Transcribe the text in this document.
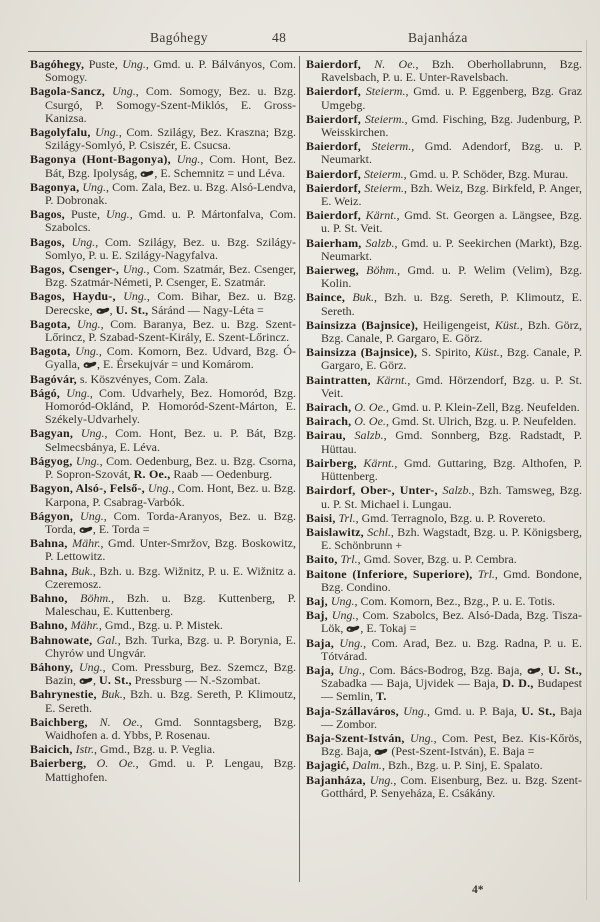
Bagóhegy	48	Bajanháza

Bagóhegy, Puste, Ung., Gmd. u. P. Bálványos, Com. Somogy.

Bagola-Sancz, Ung., Com. Somogy, Bez. u. Bzg. Csurgó, P. Somogy-Szent-Miklós, E. Gross-Kanizsa.

Bagolyfalu, Ung., Com. Szilágy, Bez. Kraszna; Bzg. Szilágy-Somlyó, P. Csiszér, E. Csucsa.

Bagonya (Hont-Bagonya), Ung., Com. Hont, Bez. Bát, Bzg. Ipolyság,
, E. Schemnitz = und Léva.

Bagonya, Ung., Com. Zala, Bez. u. Bzg. Alsó-Lendva, P. Dobronak.

Bagos, Puste, Ung., Gmd. u. P. Mártonfalva, Com. Szabolcs.

Bagos, Ung., Com. Szilágy, Bez. u. Bzg. Szilágy-Somlyo, P. u. E. Szilágy-Nagyfalva.

Bagos, Csenger-, Ung., Com. Szatmár, Bez. Csenger, Bzg. Szatmár-Németi, P. Csenger, E. Szatmár.

Bagos, Haydu-, Ung., Com. Bihar, Bez. u. Bzg. Derecske,
, U. St., Sáránd — Nagy-Léta =

Bagota, Ung., Com. Baranya, Bez. u. Bzg. Szent-Lőrincz, P. Szabad-Szent-Király, E. Szent-Lőrincz.

Bagota, Ung., Com. Komorn, Bez. Udvard, Bzg. Ó-Gyalla,
, E. Érsekujvár = und Komárom.

Bagóvár, s. Köszvényes, Com. Zala.

Bágó, Ung., Com. Udvarhely, Bez. Homoród, Bzg. Homoród-Oklánd, P. Homoród-Szent-Márton, E. Székely-Udvarhely.

Bagyan, Ung., Com. Hont, Bez. u. P. Bát, Bzg. Selmecsbánya, E. Léva.

Bágyog, Ung., Com. Oedenburg, Bez. u. Bzg. Csorna, P. Sopron-Szovát, R. Oe., Raab — Oedenburg.

Bagyon, Alsó-, Felső-, Ung., Com. Hont, Bez. u. Bzg. Karpona, P. Csabrag-Varbók.

Bágyon, Ung., Com. Torda-Aranyos, Bez. u. Bzg. Torda,
, E. Torda =

Bahna, Mähr., Gmd. Unter-Smržov, Bzg. Boskowitz, P. Lettowitz.

Bahna, Buk., Bzh. u. Bzg. Wižnitz, P. u. E. Wižnitz a. Czeremosz.

Bahno, Böhm., Bzh. u. Bzg. Kuttenberg, P. Maleschau, E. Kuttenberg.

Bahno, Mähr., Gmd., Bzg. u. P. Mistek.

Bahnowate, Gal., Bzh. Turka, Bzg. u. P. Borynia, E. Chyrów und Ungvár.

Báhony, Ung., Com. Pressburg, Bez. Szemcz, Bzg. Bazin,
, U. St., Pressburg — N.-Szombat.

Bahrynestie, Buk., Bzh. u. Bzg. Sereth, P. Klimoutz, E. Sereth.

Baichberg, N. Oe., Gmd. Sonntagsberg, Bzg. Waidhofen a. d. Ybbs, P. Rosenau.

Baicich, Istr., Gmd., Bzg. u. P. Veglia.

Baierberg, O. Oe., Gmd. u. P. Lengau, Bzg. Mattighofen.

Baierdorf, N. Oe., Bzh. Oberhollabrunn, Bzg. Ravelsbach, P. u. E. Unter-Ravelsbach.

Baierdorf, Steierm., Gmd. u. P. Eggenberg, Bzg. Graz Umgebg.

Baierdorf, Steierm., Gmd. Fisching, Bzg. Judenburg, P. Weisskirchen.

Baierdorf, Steierm., Gmd. Adendorf, Bzg. u. P. Neumarkt.

Baierdorf, Steierm., Gmd. u. P. Schöder, Bzg. Murau.

Baierdorf, Steierm., Bzh. Weiz, Bzg. Birkfeld, P. Anger, E. Weiz.

Baierdorf, Kärnt., Gmd. St. Georgen a. Längsee, Bzg. u. P. St. Veit.

Baierham, Salzb., Gmd. u. P. Seekirchen (Markt), Bzg. Neumarkt.

Baierweg, Böhm., Gmd. u. P. Welim (Velim), Bzg. Kolin.

Baince, Buk., Bzh. u. Bzg. Sereth, P. Klimoutz, E. Sereth.

Bainsizza (Bajnsice), Heiligengeist, Küst., Bzh. Görz, Bzg. Canale, P. Gargaro, E. Görz.

Bainsizza (Bajnsice), S. Spirito, Küst., Bzg. Canale, P. Gargaro, E. Görz.

Baintratten, Kärnt., Gmd. Hörzendorf, Bzg. u. P. St. Veit.

Bairach, O. Oe., Gmd. u. P. Klein-Zell, Bzg. Neufelden.

Bairach, O. Oe., Gmd. St. Ulrich, Bzg. u. P. Neufelden.

Bairau, Salzb., Gmd. Sonnberg, Bzg. Radstadt, P. Hüttau.

Bairberg, Kärnt., Gmd. Guttaring, Bzg. Althofen, P. Hüttenberg.

Bairdorf, Ober-, Unter-, Salzb., Bzh. Tamsweg, Bzg. u. P. St. Michael i. Lungau.

Baisi, Trl., Gmd. Terragnolo, Bzg. u. P. Rovereto.

Baislawitz, Schl., Bzh. Wagstadt, Bzg. u. P. Königsberg, E. Schönbrunn +

Baito, Trl., Gmd. Sover, Bzg. u. P. Cembra.

Baitone (Inferiore, Superiore), Trl., Gmd. Bondone, Bzg. Condino.

Baj, Ung., Com. Komorn, Bez., Bzg., P. u. E. Totis.

Baj, Ung., Com. Szabolcs, Bez. Alsó-Dada, Bzg. Tisza-Lök,
, E. Tokaj =

Baja, Ung., Com. Arad, Bez. u. Bzg. Radna, P. u. E. Tótvárad.

Baja, Ung., Com. Bács-Bodrog, Bzg. Baja,
, U. St., Szabadka — Baja, Ujvidek — Baja, D. D., Budapest — Semlin, T.

Baja-Szállaváros, Ung., Gmd. u. P. Baja, U. St., Baja — Zombor.

Baja-Szent-István, Ung., Com. Pest, Bez. Kis-Kőrös, Bzg. Baja,
(Pest-Szent-István), E. Baja =

Bajagić, Dalm., Bzh., Bzg. u. P. Sinj, E. Spalato.

Bajanháza, Ung., Com. Eisenburg, Bez. u. Bzg. Szent-Gotthárd, P. Senyeháza, E. Csákány.

4*
